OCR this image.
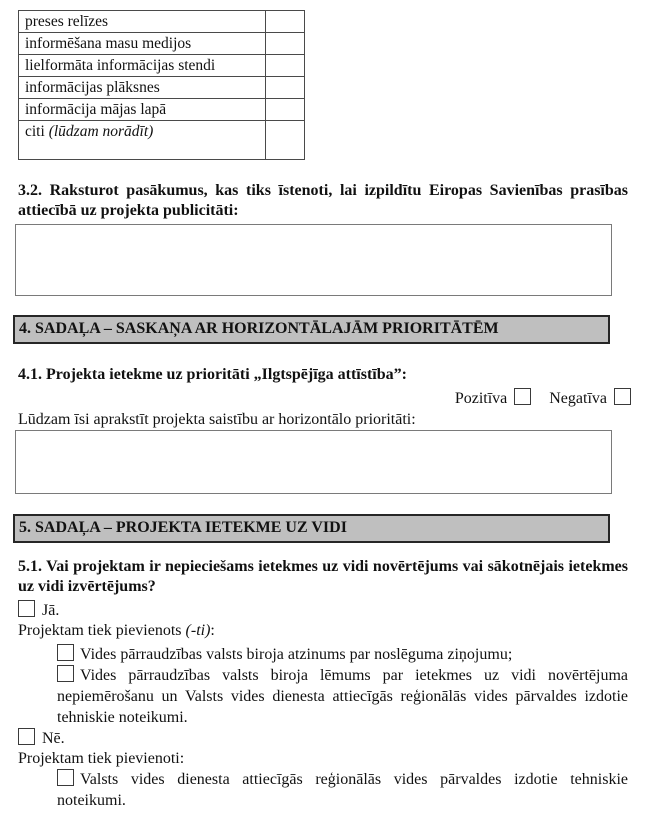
preses relīzes	
informēšana masu medijos	
lielformāta informācijas stendi	
informācijas plāksnes	
informācija mājas lapā	
citi (lūdzam norādīt)	

3.2. Raksturot pasākumus, kas tiks īstenoti, lai izpildītu Eiropas Savienības prasības attiecībā uz projekta publicitāti:

4. SADAĻA – SASKAŅA AR HORIZONTĀLAJĀM PRIORITĀTĒM

4.1. Projekta ietekme uz prioritāti „Ilgtspējīga attīstība”:

Pozitīva	Negatīva

Lūdzam īsi aprakstīt projekta saistību ar horizontālo prioritāti:

5. SADAĻA – PROJEKTA IETEKME UZ VIDI

5.1. Vai projektam ir nepieciešams ietekmes uz vidi novērtējums vai sākotnējais ietekmes uz vidi izvērtējums?

Jā.

Projektam tiek pievienots (-ti):

Vides pārraudzības valsts biroja atzinums par noslēguma ziņojumu;
Vides pārraudzības valsts biroja lēmums par ietekmes uz vidi novērtējuma nepiemērošanu un Valsts vides dienesta attiecīgās reģionālās vides pārvaldes izdotie tehniskie noteikumi.
Nē.

Projektam tiek pievienoti:

Valsts vides dienesta attiecīgās reģionālās vides pārvaldes izdotie tehniskie noteikumi.
